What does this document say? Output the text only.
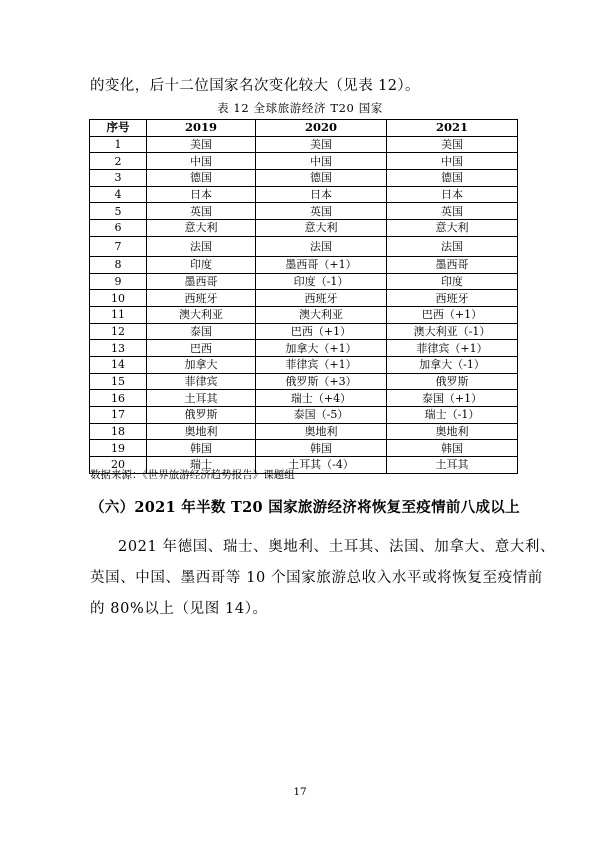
的变化，后十二位国家名次变化较大（见表 12）。
表 12 全球旅游经济 T20 国家
序号	2019	2020	2021
1	美国	美国	美国
2	中国	中国	中国
3	德国	德国	德国
4	日本	日本	日本
5	英国	英国	英国
6	意大利	意大利	意大利
7	法国	法国	法国
8	印度	墨西哥（+1）	墨西哥
9	墨西哥	印度（-1）	印度
10	西班牙	西班牙	西班牙
11	澳大利亚	澳大利亚	巴西（+1）
12	泰国	巴西（+1）	澳大利亚（-1）
13	巴西	加拿大（+1）	菲律宾（+1）
14	加拿大	菲律宾（+1）	加拿大（-1）
15	菲律宾	俄罗斯（+3）	俄罗斯
16	土耳其	瑞士（+4）	泰国（+1）
17	俄罗斯	泰国（-5）	瑞士（-1）
18	奥地利	奥地利	奥地利
19	韩国	韩国	韩国
20	瑞士	土耳其（-4）	土耳其
数据来源：《世界旅游经济趋势报告》课题组
（六）2021 年半数 T20 国家旅游经济将恢复至疫情前八成以上
2021 年德国、瑞士、奥地利、土耳其、法国、加拿大、意大利、
英国、中国、墨西哥等 10 个国家旅游总收入水平或将恢复至疫情前
的 80%以上（见图 14）。
17
